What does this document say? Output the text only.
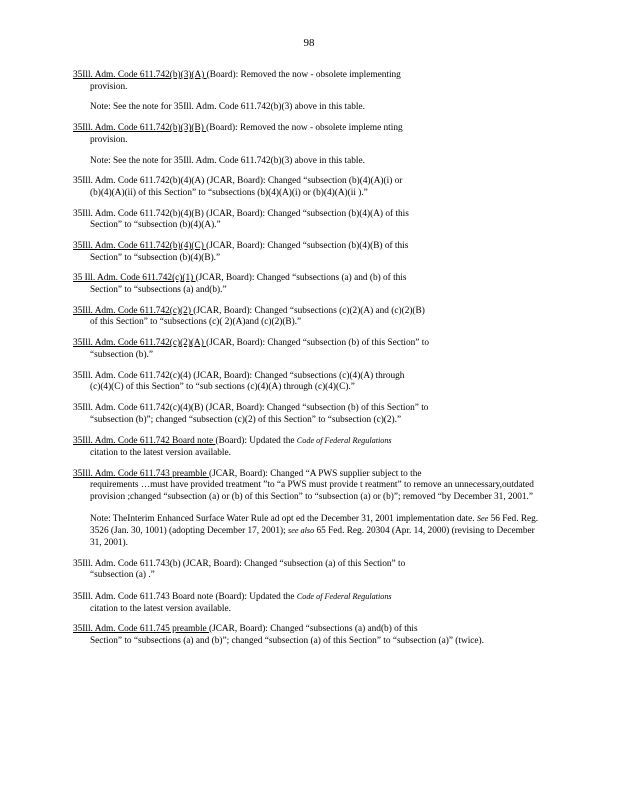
98
35Ill. Adm. Code 611.742(b)(3)(A) (Board): Removed the now - obsolete implementing
provision.
Note: See the note for 35Ill. Adm. Code 611.742(b)(3) above in this table.
35Ill. Adm. Code 611.742(b)(3)(B) (Board): Removed the now - obsolete impleme nting
provision.
Note: See the note for 35Ill. Adm. Code 611.742(b)(3) above in this table.
35Ill. Adm. Code 611.742(b)(4)(A) (JCAR, Board): Changed “subsection (b)(4)(A)(i) or
(b)(4)(A)(ii) of this Section” to “subsections (b)(4)(A)(i) or (b)(4)(A)(ii ).”
35Ill. Adm. Code 611.742(b)(4)(B) (JCAR, Board): Changed “subsection (b)(4)(A) of this
Section” to “subsection (b)(4)(A).”
35Ill. Adm. Code 611.742(b)(4)(C) (JCAR, Board): Changed “subsection (b)(4)(B) of this
Section” to “subsection (b)(4)(B).”
35 Ill. Adm. Code 611.742(c)(1) (JCAR, Board): Changed “subsections (a) and (b) of this
Section” to “subsections (a) and(b).”
35Ill. Adm. Code 611.742(c)(2) (JCAR, Board): Changed “subsections (c)(2)(A) and (c)(2)(B)
of this Section” to “subsections (c)( 2)(A)and (c)(2)(B).”
35Ill. Adm. Code 611.742(c)(2)(A) (JCAR, Board): Changed “subsection (b) of this Section” to
“subsection (b).”
35Ill. Adm. Code 611.742(c)(4) (JCAR, Board): Changed “subsections (c)(4)(A) through
(c)(4)(C) of this Section” to “sub sections (c)(4)(A) through (c)(4)(C).”
35Ill. Adm. Code 611.742(c)(4)(B) (JCAR, Board): Changed “subsection (b) of this Section” to
“subsection (b)”; changed “subsection (c)(2) of this Section” to “subsection (c)(2).”
35Ill. Adm. Code 611.742 Board note (Board): Updated the Code of Federal Regulations
citation to the latest version available.
35Ill. Adm. Code 611.743 preamble (JCAR, Board): Changed “A PWS supplier subject to the
requirements …must have provided treatment ”to “a PWS must provide t reatment” to remove an unnecessary,outdated provision ;changed “subsection (a) or (b) of this Section” to “subsection (a) or (b)”; removed “by December 31, 2001.”
Note: TheInterim Enhanced Surface Water Rule ad opt ed the December 31, 2001 implementation date. See 56 Fed. Reg. 3526 (Jan. 30, 1001) (adopting December 17, 2001); see also 65 Fed. Reg. 20304 (Apr. 14, 2000) (revising to December 31, 2001).
35Ill. Adm. Code 611.743(b) (JCAR, Board): Changed “subsection (a) of this Section” to
“subsection (a) .”
35Ill. Adm. Code 611.743 Board note (Board): Updated the Code of Federal Regulations
citation to the latest version available.
35Ill. Adm. Code 611.745 preamble (JCAR, Board): Changed “subsections (a) and(b) of this
Section” to “subsections (a) and (b)”; changed “subsection (a) of this Section” to “subsection (a)” (twice).
